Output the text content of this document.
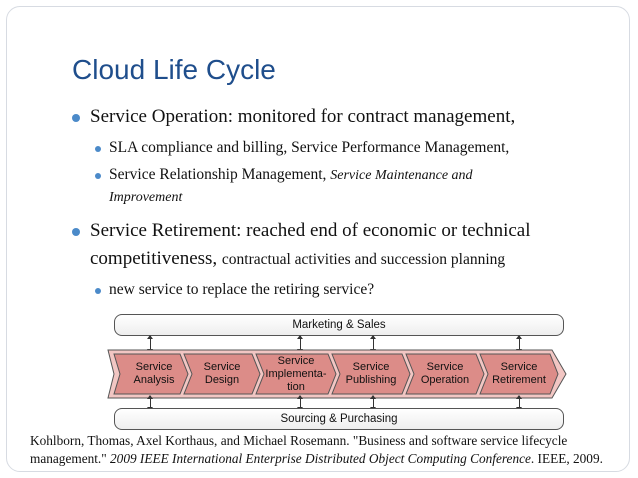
Cloud Life Cycle
Service Operation: monitored for contract management,
SLA compliance and billing, Service Performance Management,
Service Relationship Management, Service Maintenance and
Improvement
Service Retirement: reached end of economic or technical
competitiveness, contractual activities and succession planning
new service to replace the retiring service?
Marketing & Sales
Service
Analysis
Service
Design
Service
Implementa-
tion
Service
Publishing
Service
Operation
Service
Retirement
Sourcing & Purchasing
Kohlborn, Thomas, Axel Korthaus, and Michael Rosemann. "Business and software service lifecycle management." 2009 IEEE International Enterprise Distributed Object Computing Conference. IEEE, 2009.
